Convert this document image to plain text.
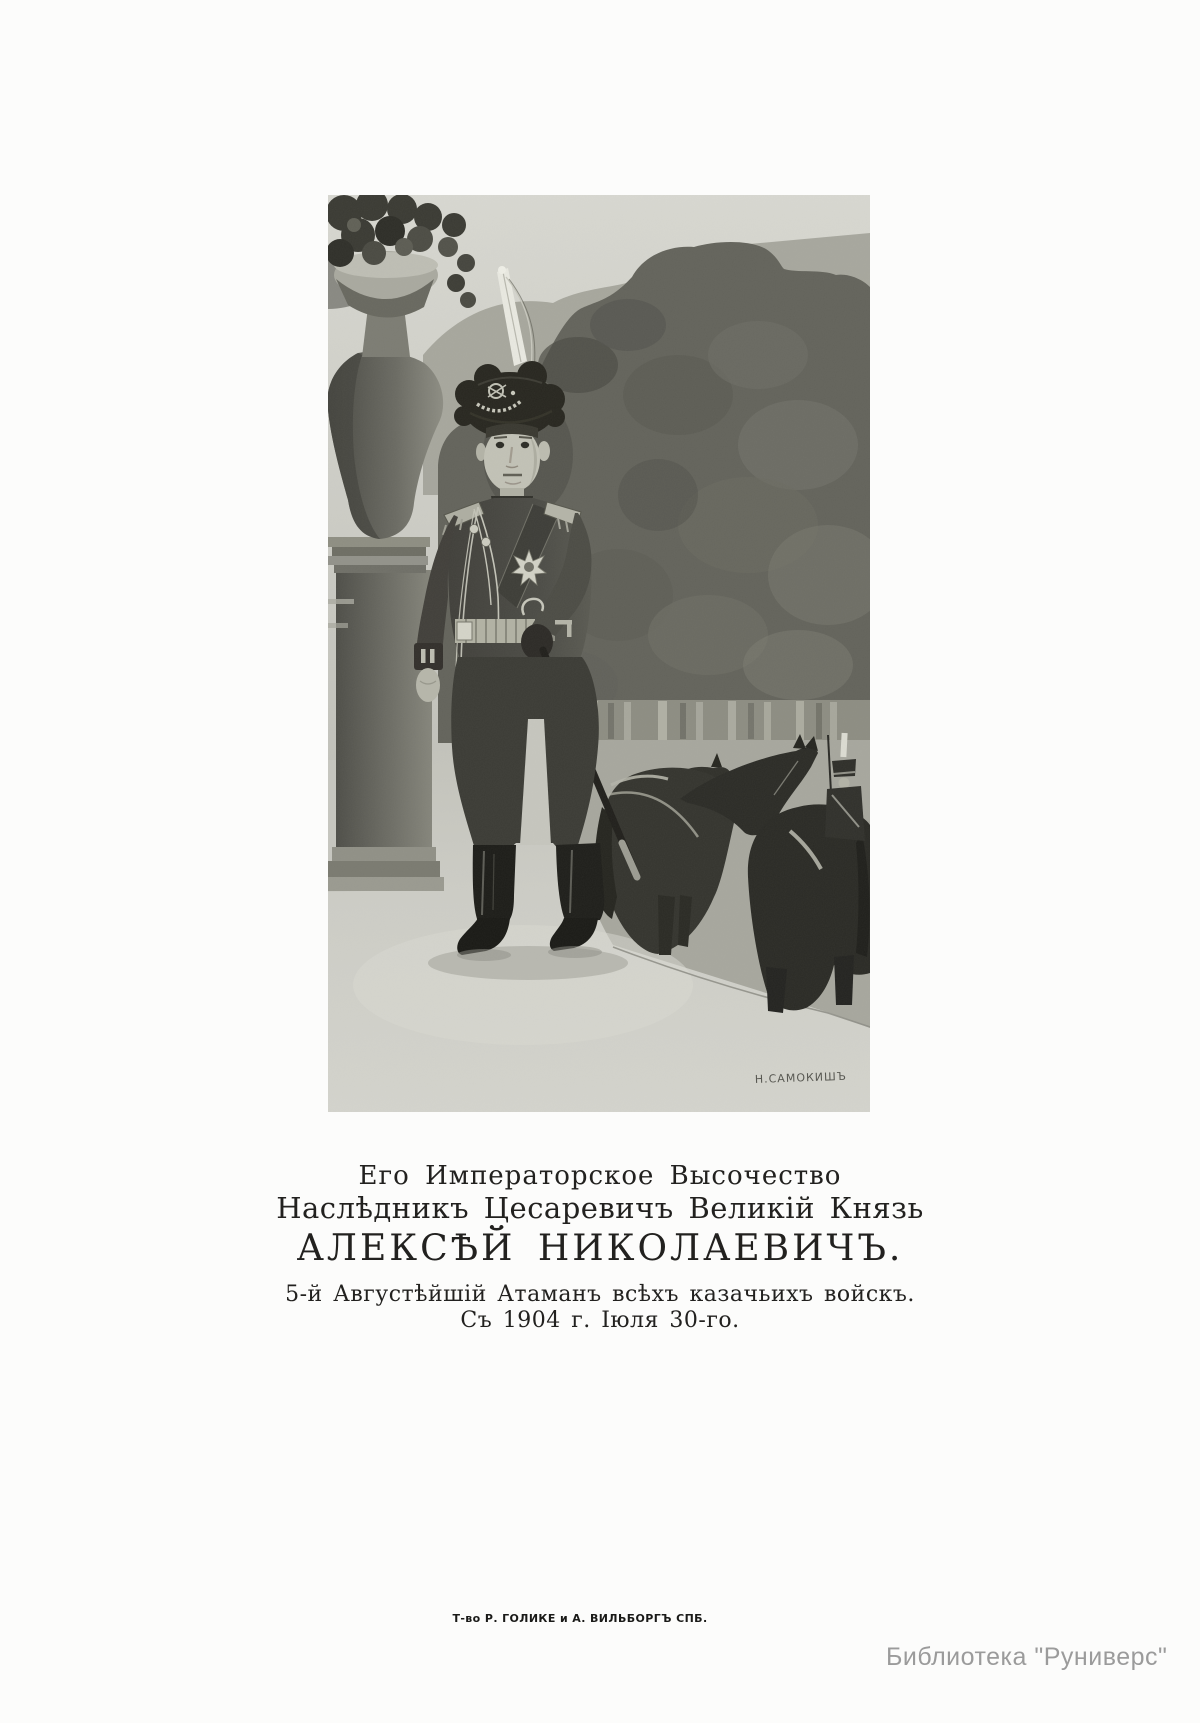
Н.САМОКИШЪ
Его Императорское Высочество
Наслѣдникъ Цесаревичъ Великій Князь
АЛЕКСѢЙ НИКОЛАЕВИЧЪ.
5-й Августѣйшій Атаманъ всѣхъ казачьихъ войскъ.
Съ 1904 г. Іюля 30-го.
Т-во Р. ГОЛИКЕ и А. ВИЛЬБОРГЪ СПБ.
Библиотека "Руниверс"
